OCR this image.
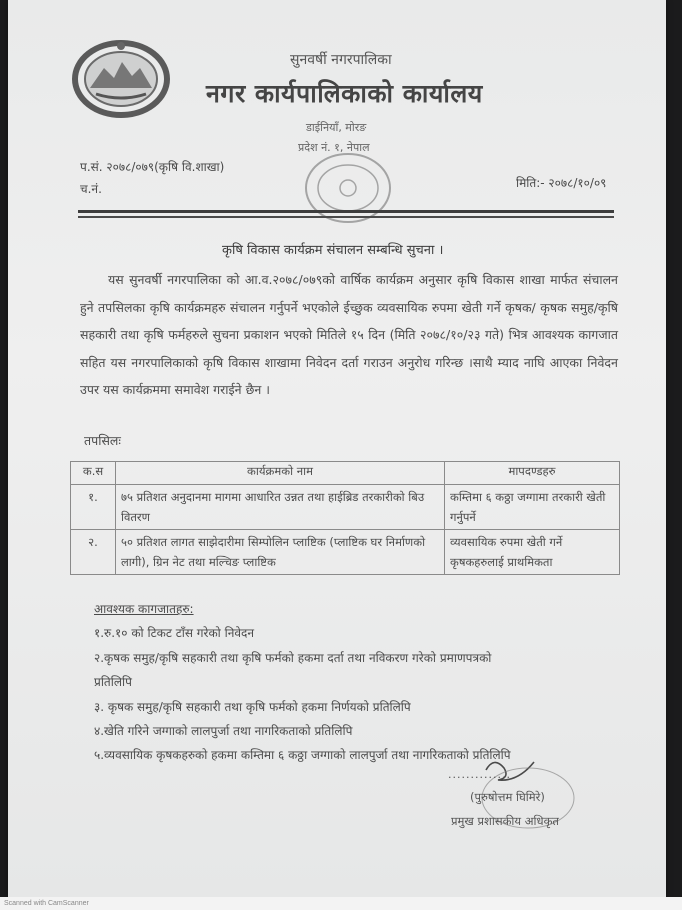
सुनवर्षी नगरपालिका
नगर कार्यपालिकाको कार्यालय
डाईनियाँ, मोरङ
प्रदेश नं. १, नेपाल
प.सं. २०७८/०७९(कृषि वि.शाखा)
च.नं.	मिति:- २०७८/१०/०९
कृषि विकास कार्यक्रम संचालन सम्बन्धि सुचना ।
यस सुनवर्षी नगरपालिका को आ.व.२०७८/०७९को वार्षिक कार्यक्रम अनुसार कृषि विकास शाखा मार्फत संचालन हुने तपसिलका कृषि कार्यक्रमहरु संचालन गर्नुपर्ने भएकोले ईच्छुक व्यवसायिक रुपमा खेती गर्ने कृषक/ कृषक समुह/कृषि सहकारी तथा कृषि फर्महरुले सुचना प्रकाशन भएको मितिले १५ दिन (मिति २०७८/१०/२३ गते) भित्र आवश्यक कागजात सहित यस नगरपालिकाको कृषि विकास शाखामा निवेदन दर्ता गराउन अनुरोध गरिन्छ ।साथै म्याद नाघि आएका निवेदन उपर यस कार्यक्रममा समावेश गराईने छैन ।
तपसिलः
क.स	कार्यक्रमको नाम	मापदण्डहरु
१.	७५ प्रतिशत अनुदानमा मागमा आधारित उन्नत तथा हाईब्रिड तरकारीको बिउ वितरण	कम्तिमा ६ कठ्ठा जग्गामा तरकारी खेती गर्नुपर्ने
२.	५० प्रतिशत लागत साझेदारीमा सिम्पोलिन प्लाष्टिक (प्लाष्टिक घर निर्माणको लागी), ग्रिन नेट तथा मल्चिङ प्लाष्टिक	व्यवसायिक रुपमा खेती गर्ने कृषकहरुलाई प्राथमिकता
आवश्यक कागजातहरु:
१.रु.१० को टिकट टाँस गरेको निवेदन
२.कृषक समुह/कृषि सहकारी तथा कृषि फर्मको हकमा दर्ता तथा नविकरण गरेको प्रमाणपत्रको
प्रतिलिपि
३. कृषक समुह/कृषि सहकारी तथा कृषि फर्मको हकमा निर्णयको प्रतिलिपि
४.खेति गरिने जग्गाको लालपुर्जा तथा नागरिकताको प्रतिलिपि
५.व्यवसायिक कृषकहरुको हकमा कम्तिमा ६ कठ्ठा जग्गाको लालपुर्जा तथा नागरिकताको प्रतिलिपि
..............
(पुरुषोत्तम घिमिरे)
प्रमुख प्रशासकीय अधिकृत
Scanned with CamScanner
